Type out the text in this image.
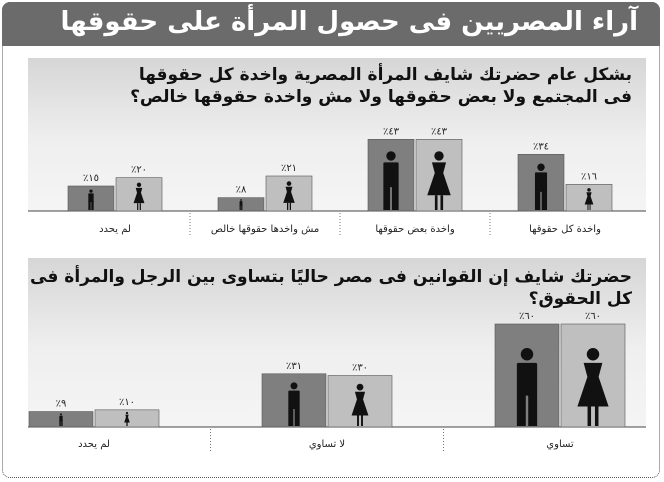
آراء المصريين فى حصول المرأة على حقوقها
بشكل عام حضرتك شايف المرأة المصرية واخدة كل حقوقها
فى المجتمع ولا بعض حقوقها ولا مش واخدة حقوقها خالص؟
٪١٦
٪٣٤
واخدة كل حقوقها
٪٤٣
٪٤٣
واخدة بعض حقوقها
٪٢١
٪٨
مش واخدها حقوقها خالص
٪٢٠
٪١٥
لم يحدد
حضرتك شايف إن القوانين فى مصر حاليًا بتساوى بين الرجل والمرأة فى
كل الحقوق؟
٪٦٠
٪٦٠
تساوي
٪٣٠
٪٣١
لا تساوي
٪١٠
٪٩
لم يحدد
